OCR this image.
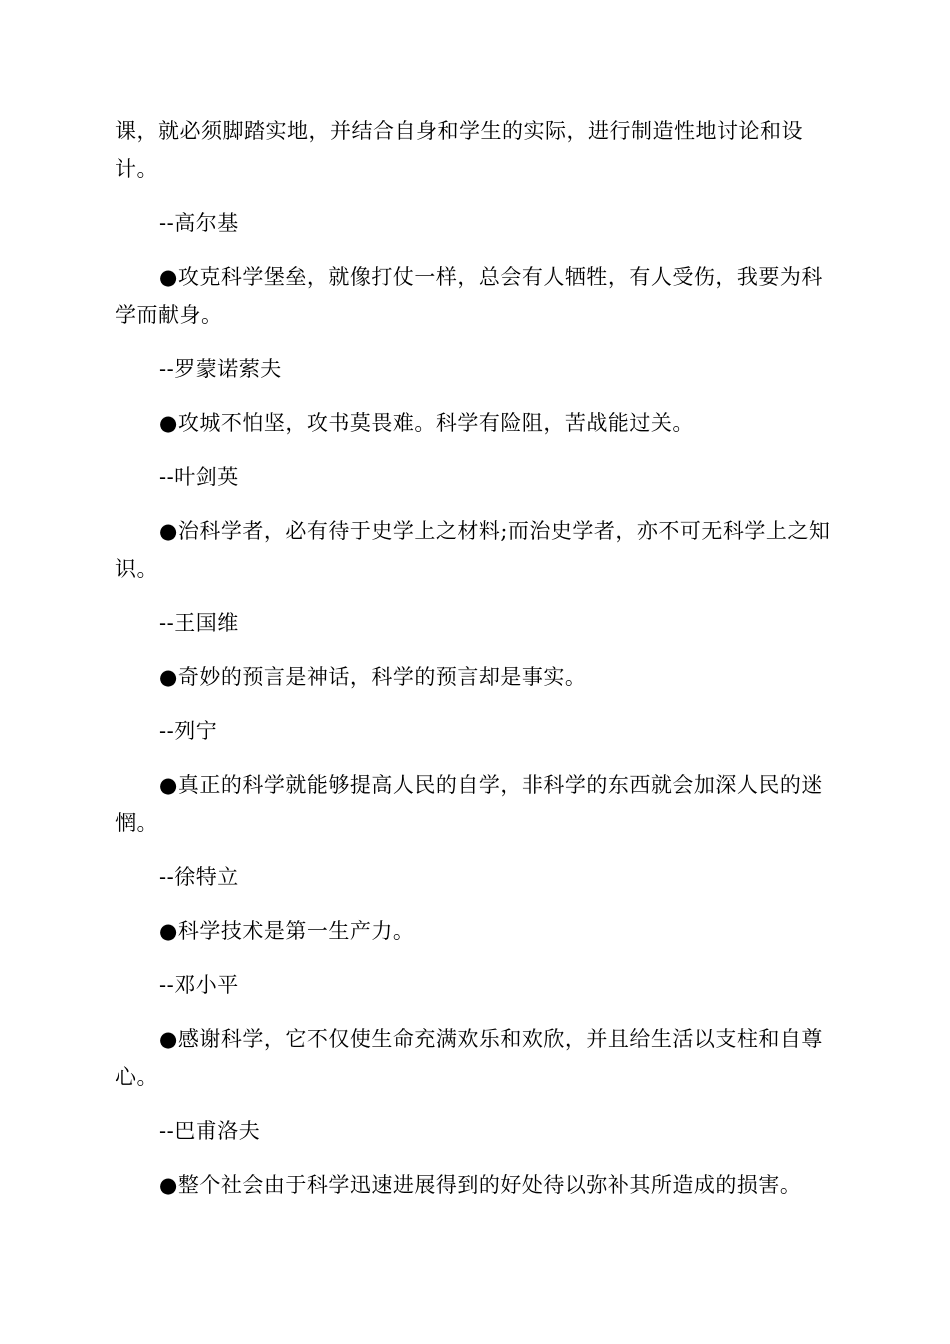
课，就必须脚踏实地，并结合自身和学生的实际，进行制造性地讨论和设计。

--高尔基

●攻克科学堡垒，就像打仗一样，总会有人牺牲，有人受伤，我要为科学而献身。

--罗蒙诺萦夫

●攻城不怕坚，攻书莫畏难。科学有险阻，苦战能过关。

--叶剑英

●治科学者，必有待于史学上之材料;而治史学者，亦不可无科学上之知识。

--王国维

●奇妙的预言是神话，科学的预言却是事实。

--列宁

●真正的科学就能够提高人民的自学，非科学的东西就会加深人民的迷惘。

--徐特立

●科学技术是第一生产力。

--邓小平

●感谢科学，它不仅使生命充满欢乐和欢欣，并且给生活以支柱和自尊心。

--巴甫洛夫

●整个社会由于科学迅速进展得到的好处待以弥补其所造成的损害。
